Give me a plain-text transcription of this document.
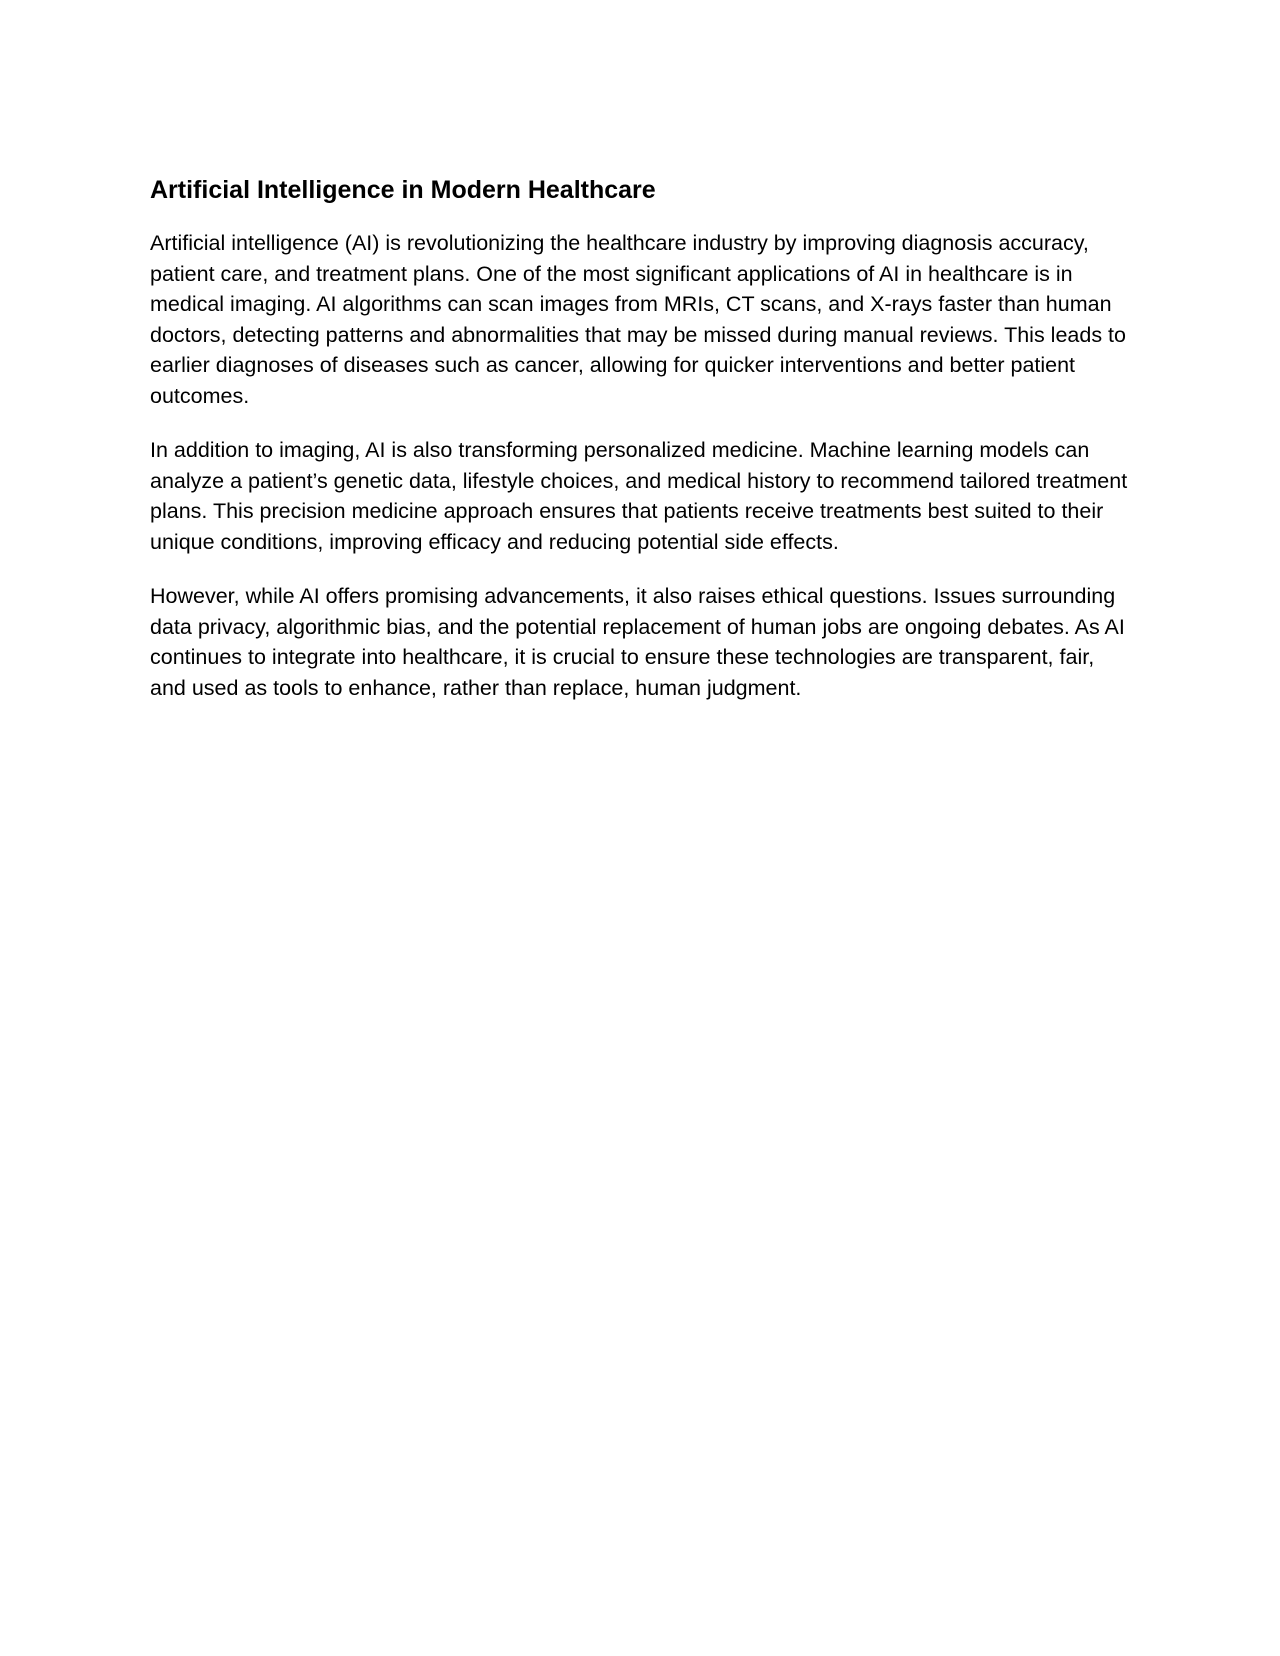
Artificial Intelligence in Modern Healthcare

Artificial intelligence (AI) is revolutionizing the healthcare industry by improving diagnosis accuracy, patient care, and treatment plans. One of the most significant applications of AI in healthcare is in medical imaging. AI algorithms can scan images from MRIs, CT scans, and X-rays faster than human doctors, detecting patterns and abnormalities that may be missed during manual reviews. This leads to earlier diagnoses of diseases such as cancer, allowing for quicker interventions and better patient outcomes.

In addition to imaging, AI is also transforming personalized medicine. Machine learning models can analyze a patient’s genetic data, lifestyle choices, and medical history to recommend tailored treatment plans. This precision medicine approach ensures that patients receive treatments best suited to their unique conditions, improving efficacy and reducing potential side effects.

However, while AI offers promising advancements, it also raises ethical questions. Issues surrounding data privacy, algorithmic bias, and the potential replacement of human jobs are ongoing debates. As AI continues to integrate into healthcare, it is crucial to ensure these technologies are transparent, fair, and used as tools to enhance, rather than replace, human judgment.
